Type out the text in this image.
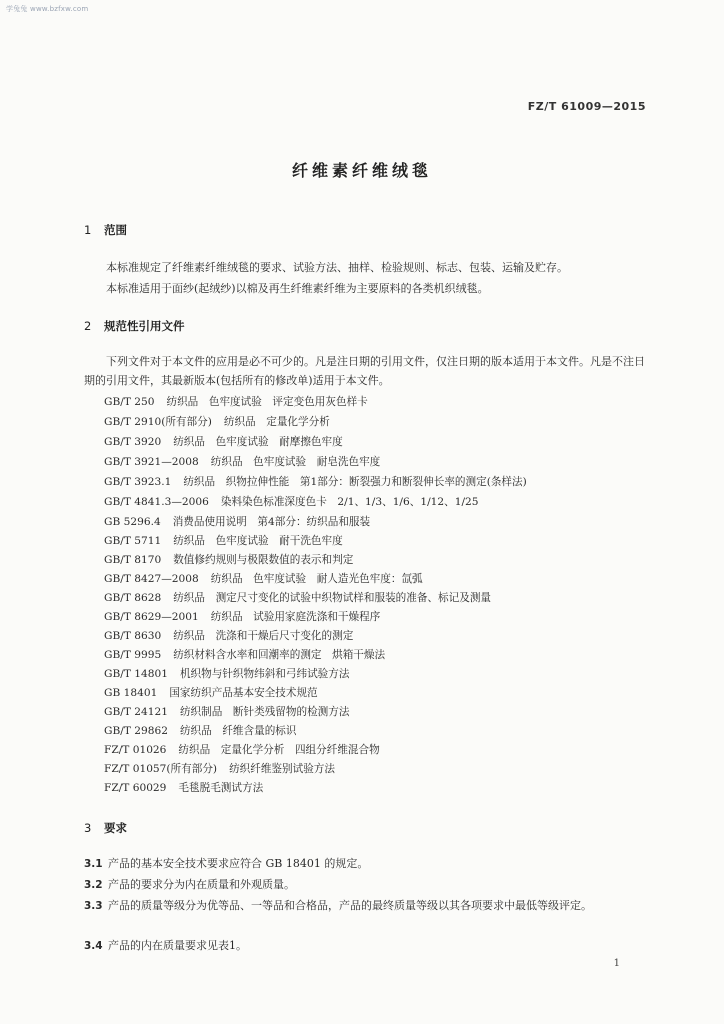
学兔兔 www.bzfxw.com
FZ/T 61009—2015
纤维素纤维绒毯
1 范围
本标准规定了纤维素纤维绒毯的要求、试验方法、抽样、检验规则、标志、包装、运输及贮存。
本标准适用于面纱(起绒纱)以棉及再生纤维素纤维为主要原料的各类机织绒毯。
2 规范性引用文件
下列文件对于本文件的应用是必不可少的。凡是注日期的引用文件，仅注日期的版本适用于本文件。凡是不注日期的引用文件，其最新版本(包括所有的修改单)适用于本文件。
GB/T 250 纺织品　色牢度试验　评定变色用灰色样卡
GB/T 2910(所有部分) 纺织品　定量化学分析
GB/T 3920 纺织品　色牢度试验　耐摩擦色牢度
GB/T 3921—2008 纺织品　色牢度试验　耐皂洗色牢度
GB/T 3923.1 纺织品　织物拉伸性能　第1部分：断裂强力和断裂伸长率的测定(条样法)
GB/T 4841.3—2006 染料染色标准深度色卡　2/1、1/3、1/6、1/12、1/25
GB 5296.4 消费品使用说明　第4部分：纺织品和服装
GB/T 5711 纺织品　色牢度试验　耐干洗色牢度
GB/T 8170 数值修约规则与极限数值的表示和判定
GB/T 8427—2008 纺织品　色牢度试验　耐人造光色牢度：氙弧
GB/T 8628 纺织品　测定尺寸变化的试验中织物试样和服装的准备、标记及测量
GB/T 8629—2001 纺织品　试验用家庭洗涤和干燥程序
GB/T 8630 纺织品　洗涤和干燥后尺寸变化的测定
GB/T 9995 纺织材料含水率和回潮率的测定　烘箱干燥法
GB/T 14801 机织物与针织物纬斜和弓纬试验方法
GB 18401 国家纺织产品基本安全技术规范
GB/T 24121 纺织制品　断针类残留物的检测方法
GB/T 29862 纺织品　纤维含量的标识
FZ/T 01026 纺织品　定量化学分析　四组分纤维混合物
FZ/T 01057(所有部分) 纺织纤维鉴别试验方法
FZ/T 60029 毛毯脱毛测试方法
3 要求
3.1 产品的基本安全技术要求应符合 GB 18401 的规定。
3.2 产品的要求分为内在质量和外观质量。
3.3 产品的质量等级分为优等品、一等品和合格品，产品的最终质量等级以其各项要求中最低等级评定。
3.4 产品的内在质量要求见表1。
1
